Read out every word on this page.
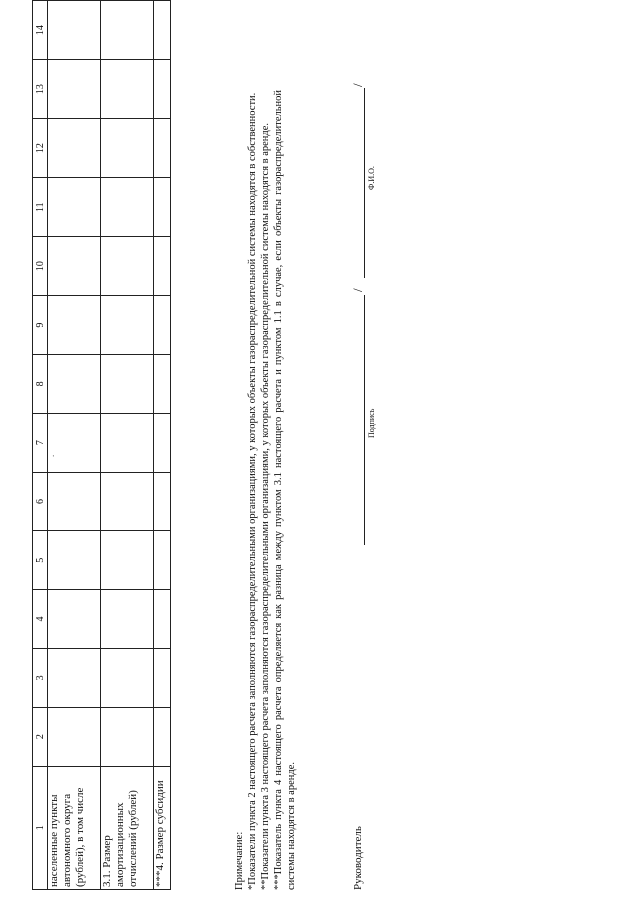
1	2	3	4	5	6	7	8	9	10	11	12	13	14
населенные пункты автономного округа (рублей), в том числе													
3.1. Размер амортизационных отчислений (рублей)													
***4. Размер субсидии													
.

Примечание: *Показатели пункта 2 настоящего расчета заполняются газораспределительными организациями, у которых объекты газораспределительной системы находятся в собственности. **Показатели пункта 3 настоящего расчета заполняются газораспределительными организациями, у которых объекты газораспределительной системы находятся в аренде. ***Показатель пункта 4 настоящего расчета определяется как разница между пунктом 3.1 настоящего расчета и пунктом 1.1 в случае, если объекты газораспределительной системы находятся в аренде.	Руководитель
/
/
Подпись
Ф.И.О.
